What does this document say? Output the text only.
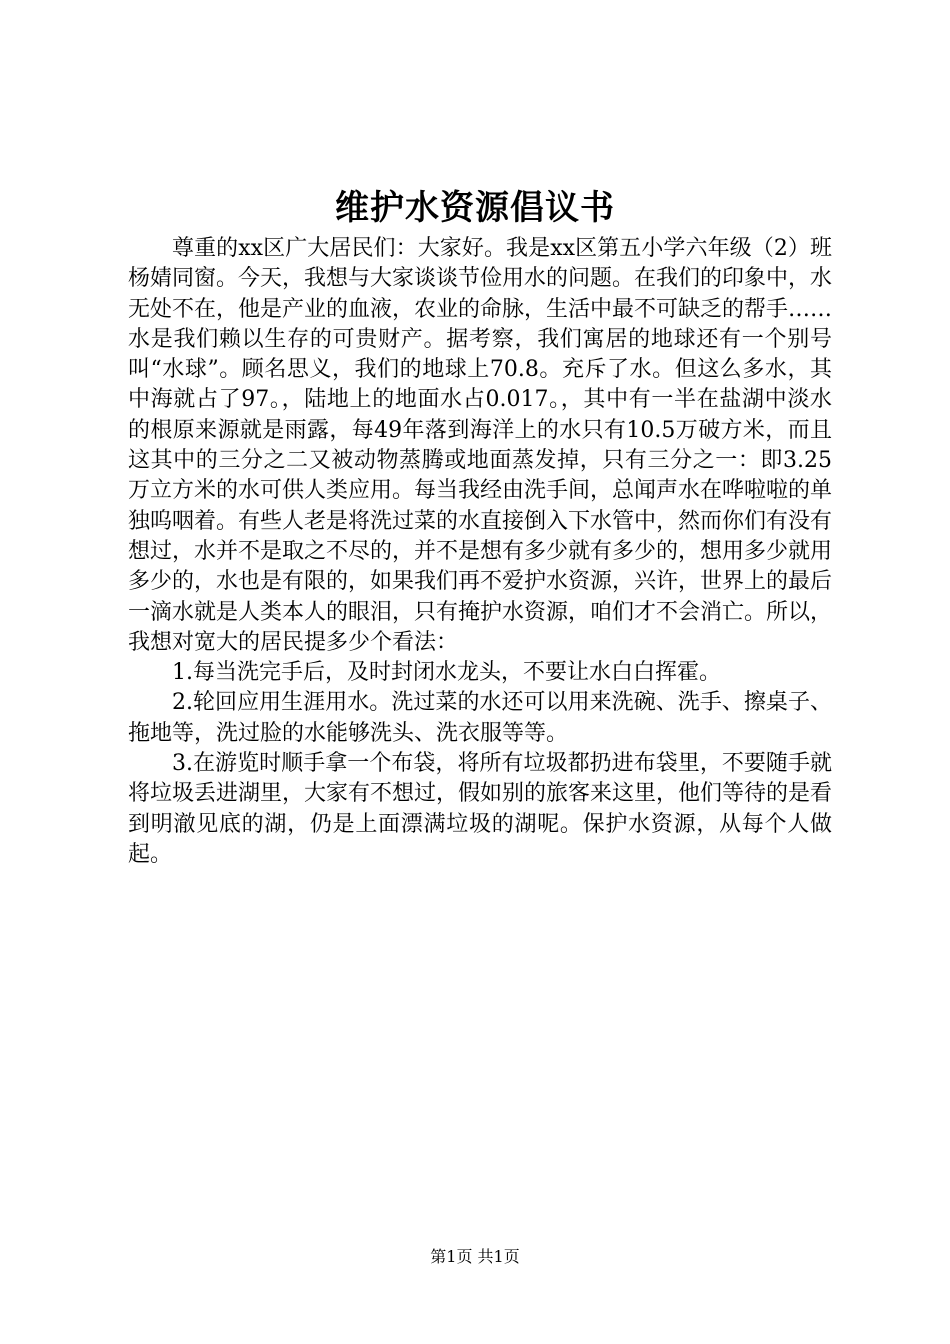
维护水资源倡议书

尊重的xx区广大居民们：大家好。我是xx区第五小学六年级（2）班杨婧同窗。今天，我想与大家谈谈节俭用水的问题。在我们的印象中，水无处不在，他是产业的血液，农业的命脉，生活中最不可缺乏的帮手……水是我们赖以生存的可贵财产。据考察，我们寓居的地球还有一个别号叫“水球”。顾名思义，我们的地球上70.8。充斥了水。但这么多水，其中海就占了97。，陆地上的地面水占0.017。，其中有一半在盐湖中淡水的根原来源就是雨露，每49年落到海洋上的水只有10.5万破方米，而且这其中的三分之二又被动物蒸腾或地面蒸发掉，只有三分之一：即3.25万立方米的水可供人类应用。每当我经由洗手间，总闻声水在哗啦啦的单独呜咽着。有些人老是将洗过菜的水直接倒入下水管中，然而你们有没有想过，水并不是取之不尽的，并不是想有多少就有多少的，想用多少就用多少的，水也是有限的，如果我们再不爱护水资源，兴许，世界上的最后一滴水就是人类本人的眼泪，只有掩护水资源，咱们才不会消亡。所以，我想对宽大的居民提多少个看法：

1.每当洗完手后，及时封闭水龙头，不要让水白白挥霍。

2.轮回应用生涯用水。洗过菜的水还可以用来洗碗、洗手、擦桌子、拖地等，洗过脸的水能够洗头、洗衣服等等。

3.在游览时顺手拿一个布袋，将所有垃圾都扔进布袋里，不要随手就将垃圾丢进湖里，大家有不想过，假如别的旅客来这里，他们等待的是看到明澈见底的湖，仍是上面漂满垃圾的湖呢。保护水资源，从每个人做起。

第1页 共1页
